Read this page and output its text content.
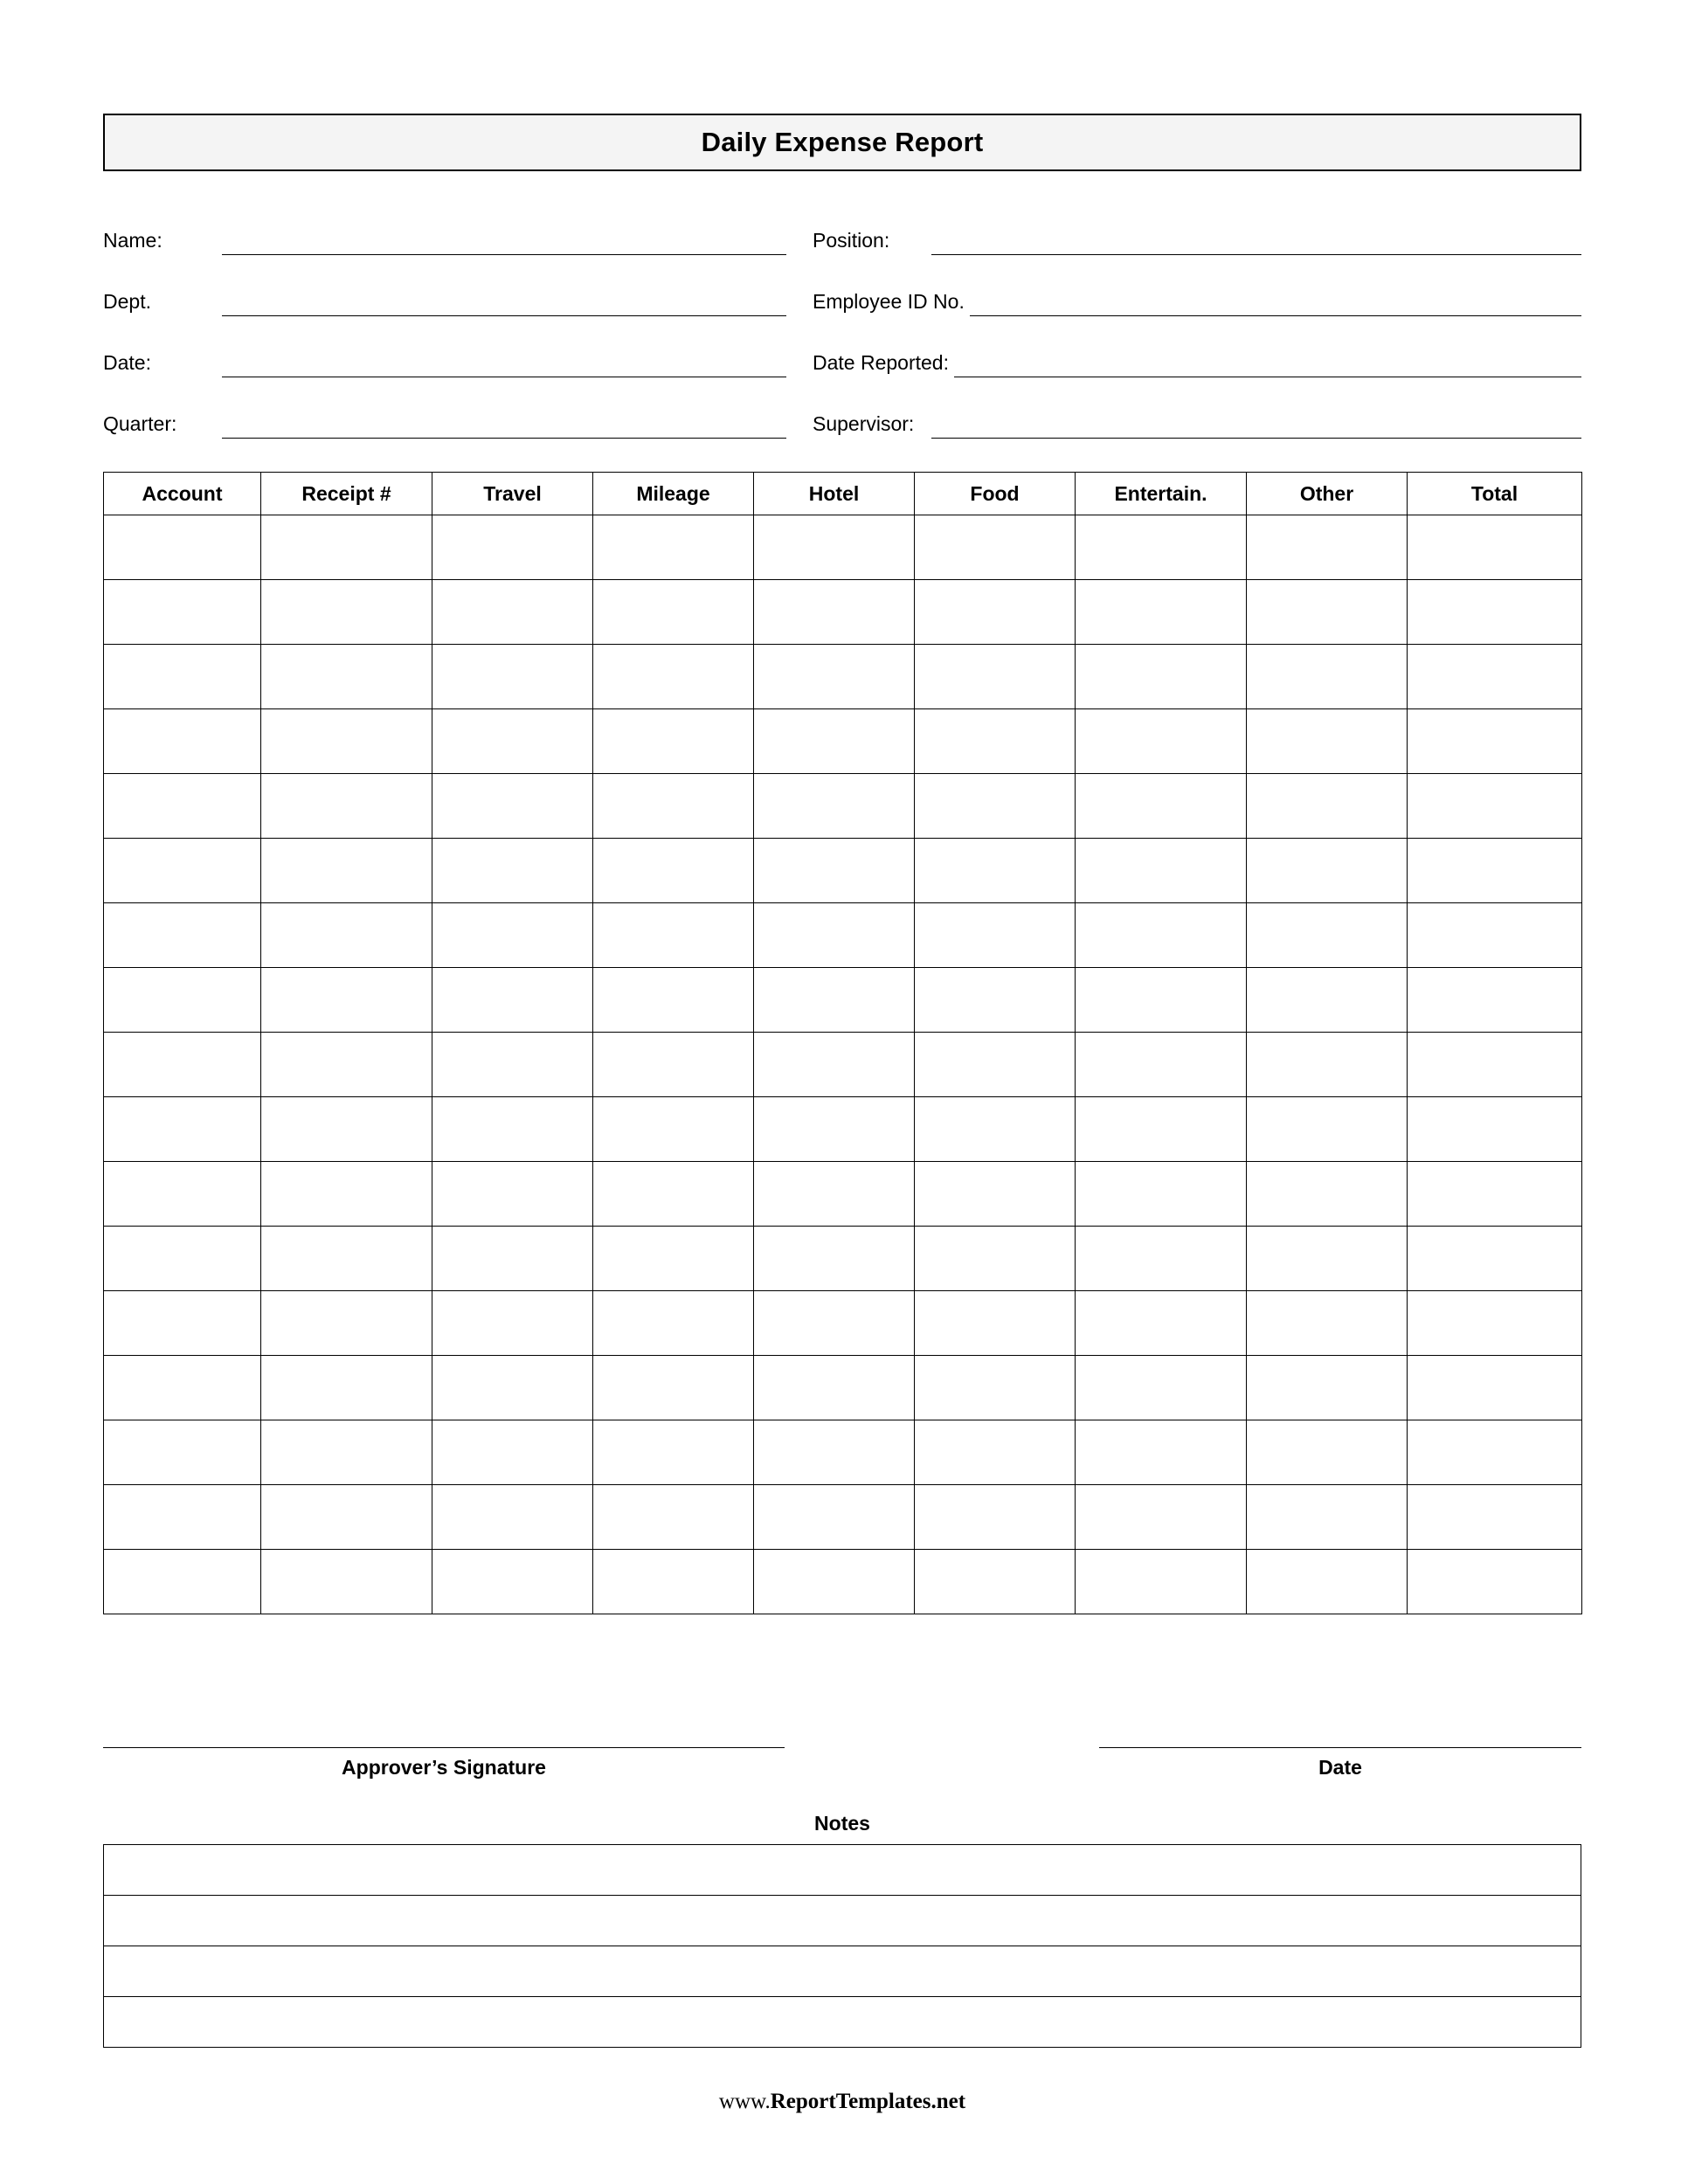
Daily Expense Report
Name:	Position:
Dept.	Employee ID No.
Date:	Date Reported:
Quarter:	Supervisor:
Account	Receipt #	Travel	Mileage	Hotel	Food	Entertain.	Other	Total

Approver’s Signature	Date
Notes

www.ReportTemplates.net
